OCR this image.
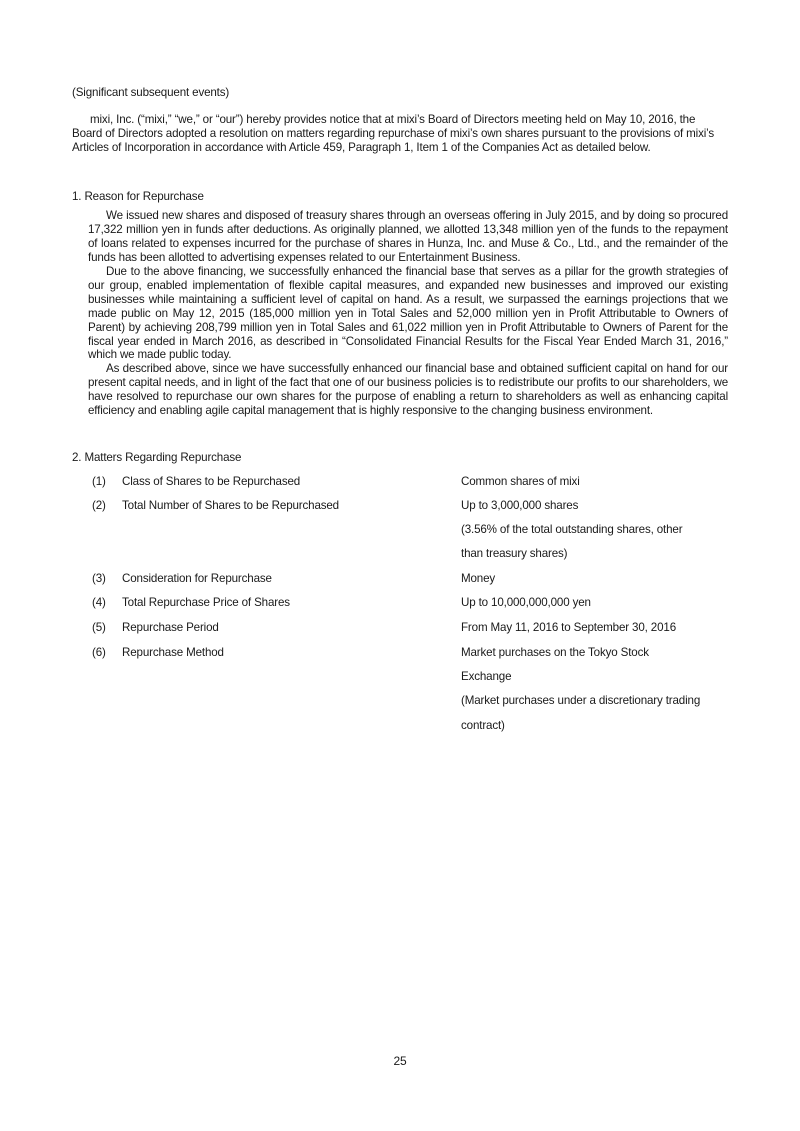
(Significant subsequent events)
mixi, Inc. (“mixi,” “we,” or “our”) hereby provides notice that at mixi’s Board of Directors meeting held on May 10, 2016, the Board of Directors adopted a resolution on matters regarding repurchase of mixi’s own shares pursuant to the provisions of mixi’s Articles of Incorporation in accordance with Article 459, Paragraph 1, Item 1 of the Companies Act as detailed below.
1. Reason for Repurchase
We issued new shares and disposed of treasury shares through an overseas offering in July 2015, and by doing so procured 17,322 million yen in funds after deductions. As originally planned, we allotted 13,348 million yen of the funds to the repayment of loans related to expenses incurred for the purchase of shares in Hunza, Inc. and Muse & Co., Ltd., and the remainder of the funds has been allotted to advertising expenses related to our Entertainment Business.
Due to the above financing, we successfully enhanced the financial base that serves as a pillar for the growth strategies of our group, enabled implementation of flexible capital measures, and expanded new businesses and improved our existing businesses while maintaining a sufficient level of capital on hand. As a result, we surpassed the earnings projections that we made public on May 12, 2015 (185,000 million yen in Total Sales and 52,000 million yen in Profit Attributable to Owners of Parent) by achieving 208,799 million yen in Total Sales and 61,022 million yen in Profit Attributable to Owners of Parent for the fiscal year ended in March 2016, as described in “Consolidated Financial Results for the Fiscal Year Ended March 31, 2016,” which we made public today.
As described above, since we have successfully enhanced our financial base and obtained sufficient capital on hand for our present capital needs, and in light of the fact that one of our business policies is to redistribute our profits to our shareholders, we have resolved to repurchase our own shares for the purpose of enabling a return to shareholders as well as enhancing capital efficiency and enabling agile capital management that is highly responsive to the changing business environment.
2. Matters Regarding Repurchase
(1) Class of Shares to be Repurchased	Common shares of mixi
(2) Total Number of Shares to be Repurchased	Up to 3,000,000 shares
(3.56% of the total outstanding shares, other
than treasury shares)
(3) Consideration for Repurchase	Money
(4) Total Repurchase Price of Shares	Up to 10,000,000,000 yen
(5) Repurchase Period	From May 11, 2016 to September 30, 2016
(6) Repurchase Method	Market purchases on the Tokyo Stock
Exchange
(Market purchases under a discretionary trading
contract)
25
